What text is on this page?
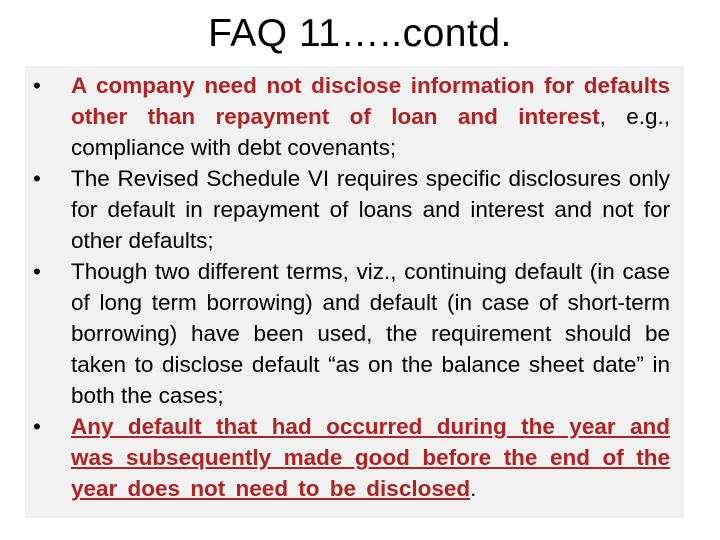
FAQ 11…..contd.
• A company need not disclose information for defaults other than repayment of loan and interest, e.g., compliance with debt covenants;
• The Revised Schedule VI requires specific disclosures only for default in repayment of loans and interest and not for other defaults;
• Though two different terms, viz., continuing default (in case of long term borrowing) and default (in case of short-term borrowing) have been used, the requirement should be taken to disclose default “as on the balance sheet date” in both the cases;
• Any default that had occurred during the year and was subsequently made good before the end of the year does not need to be disclosed.
